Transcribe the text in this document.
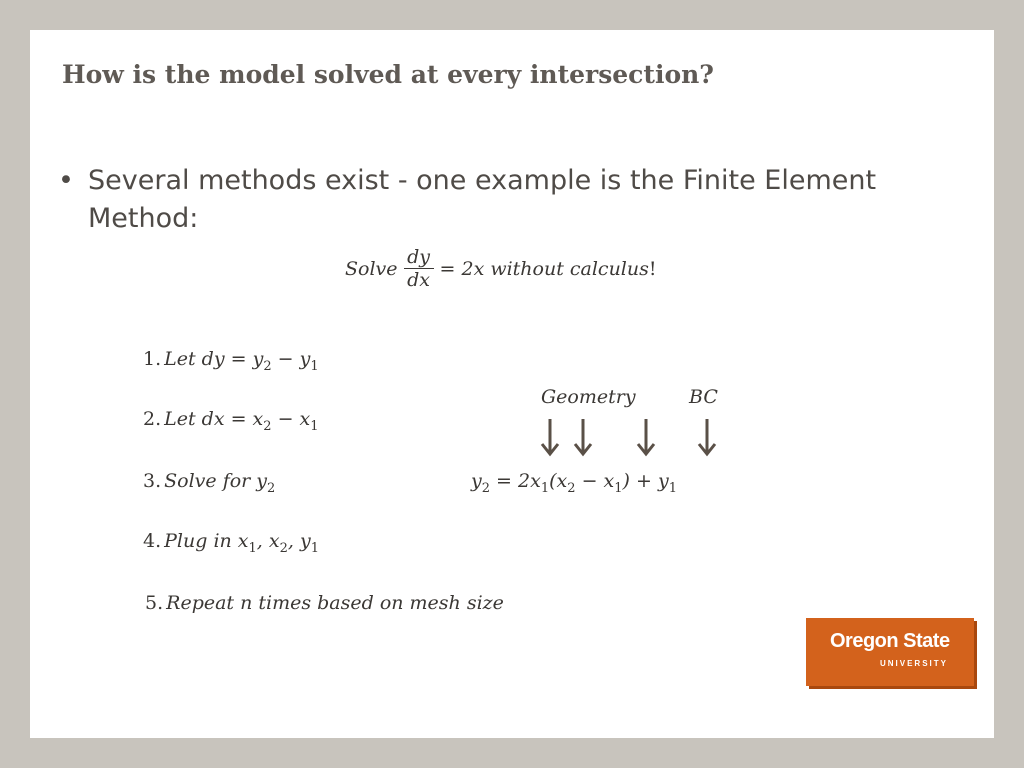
How is the model solved at every intersection?
• Several methods exist - one example is the Finite Element Method:
Solve $\frac{dy}{dx} = 2x$ without calculus !
1. Let dy = $y_2 - y_1$
2. Let dx = $x_2 - x_1$
3. Solve for $y_2$
4. Plug in $x_1$, $x_2$, $y_1$
5. Repeat n times based on mesh size
Geometry	BC
$y_2 = 2x_1(x_2 - x_1) + y_1$
Oregon State
UNIVERSITY
